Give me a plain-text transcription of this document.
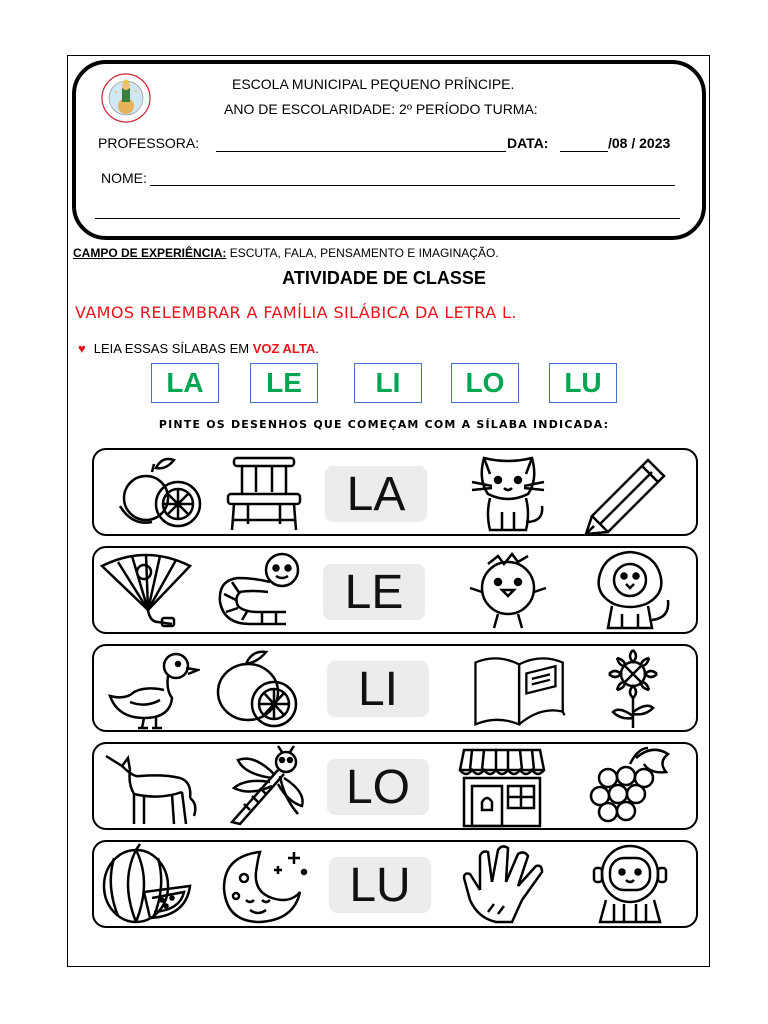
ESCOLA MUNICIPAL PEQUENO PRÍNCIPE.
ANO DE ESCOLARIDADE: 2º PERÍODO TURMA:
PROFESSORA:	DATA:	/08 / 2023
NOME:
CAMPO DE EXPERIÊNCIA: ESCUTA, FALA, PENSAMENTO E IMAGINAÇÃO.
ATIVIDADE DE CLASSE
VAMOS RELEMBRAR A FAMÍLIA SILÁBICA DA LETRA L.
♥ LEIA ESSAS SÍLABAS EM VOZ ALTA.
LA	LE	LI	LO	LU
PINTE OS DESENHOS QUE COMEÇAM COM A SÍLABA INDICADA:
LA
LE
LI
LO
LU
